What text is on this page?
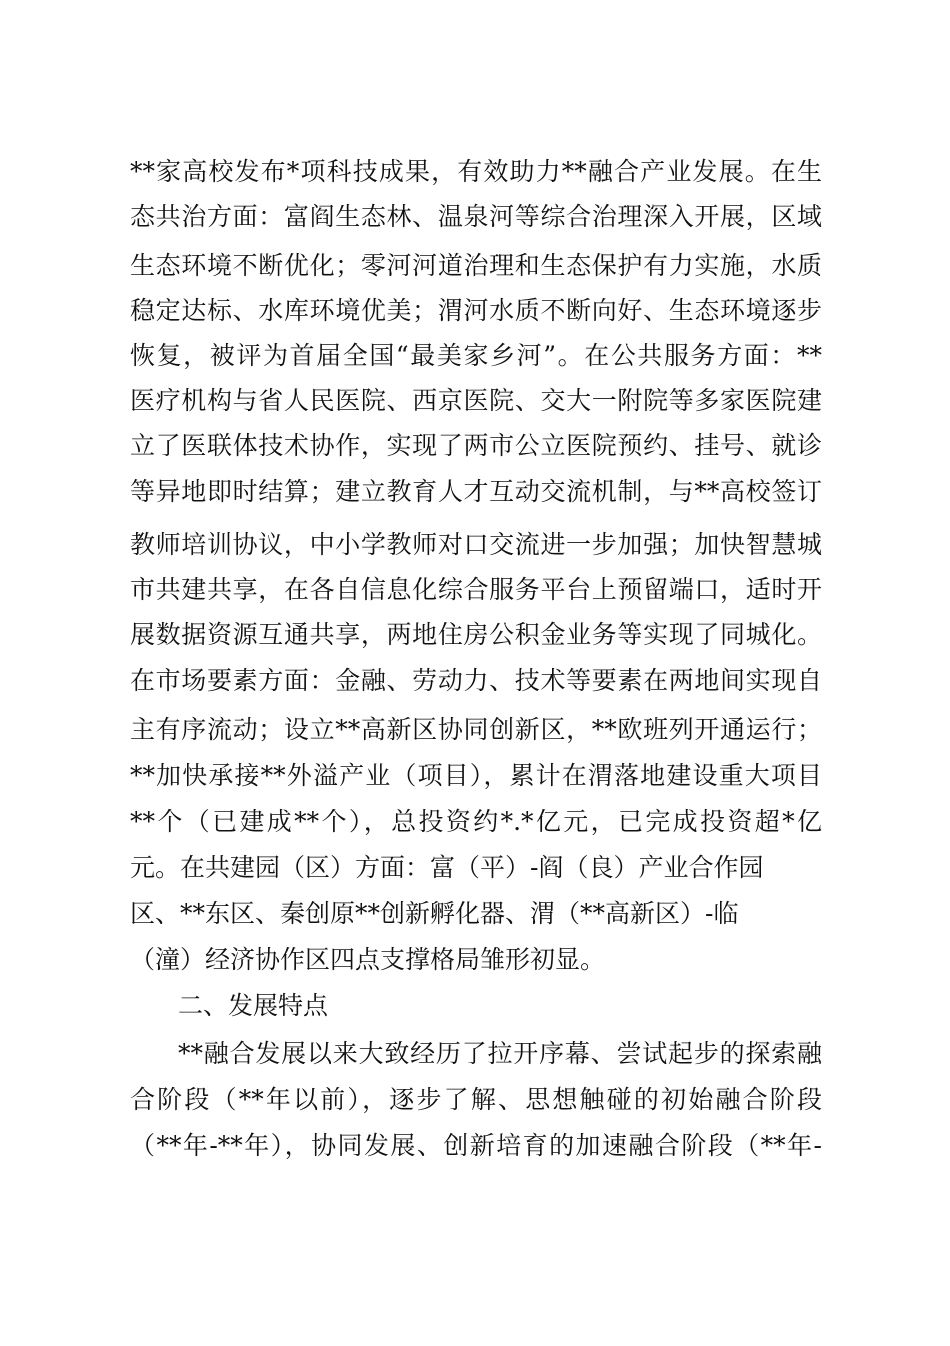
**家高校发布*项科技成果，有效助力**融合产业发展。在生
态共治方面：富阎生态林、温泉河等综合治理深入开展，区域
生态环境不断优化；零河河道治理和生态保护有力实施，水质
稳定达标、水库环境优美；渭河水质不断向好、生态环境逐步
恢复，被评为首届全国“最美家乡河”。在公共服务方面：**
医疗机构与省人民医院、西京医院、交大一附院等多家医院建
立了医联体技术协作，实现了两市公立医院预约、挂号、就诊
等异地即时结算；建立教育人才互动交流机制，与**高校签订
教师培训协议，中小学教师对口交流进一步加强；加快智慧城
市共建共享，在各自信息化综合服务平台上预留端口，适时开
展数据资源互通共享，两地住房公积金业务等实现了同城化。
在市场要素方面：金融、劳动力、技术等要素在两地间实现自
主有序流动；设立**高新区协同创新区，**欧班列开通运行；
**加快承接**外溢产业（项目），累计在渭落地建设重大项目
**个（已建成**个），总投资约*.*亿元，已完成投资超*亿
元。在共建园（区）方面：富（平）-阎（良）产业合作园
区、**东区、秦创原**创新孵化器、渭（**高新区）-临
（潼）经济协作区四点支撑格局雏形初显。
二、发展特点
**融合发展以来大致经历了拉开序幕、尝试起步的探索融
合阶段（**年以前），逐步了解、思想触碰的初始融合阶段
（**年-**年），协同发展、创新培育的加速融合阶段（**年-
